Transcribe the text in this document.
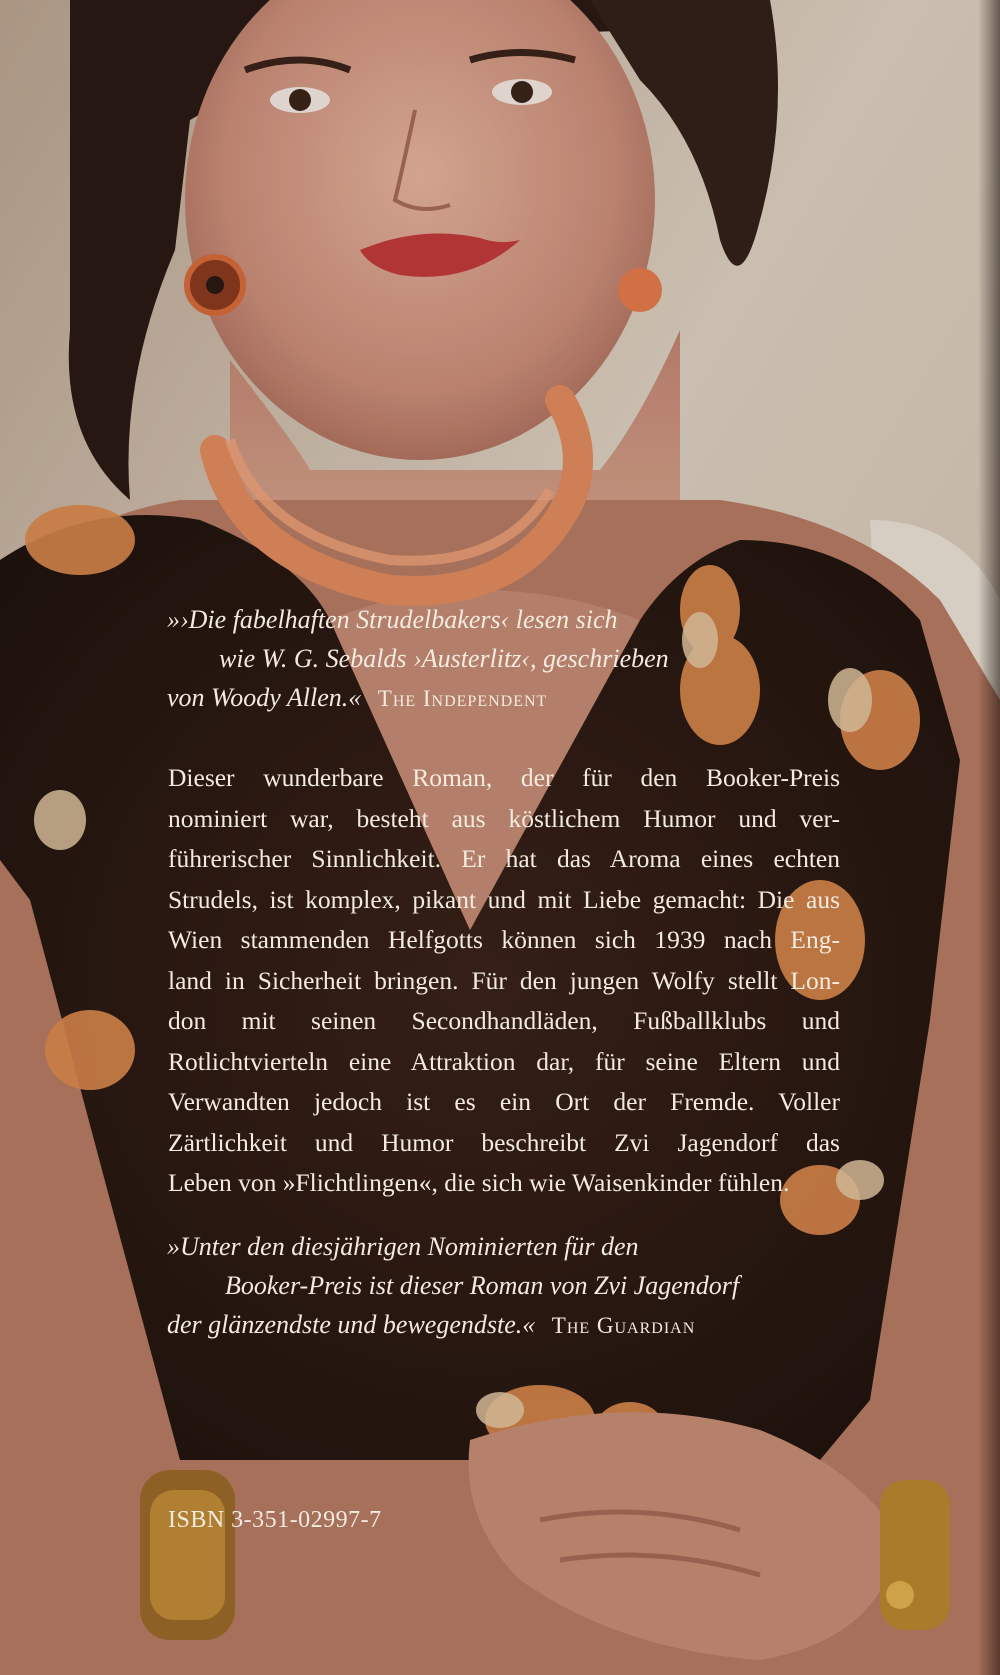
»›Die fabelhaften Strudelbakers‹ lesen sich
wie W. G. Sebalds ›Austerlitz‹, geschrieben
von Woody Allen.« The Independent
Dieser wunderbare Roman, der für den Booker-Preis
nominiert war, besteht aus köstlichem Humor und ver-
führerischer Sinnlichkeit. Er hat das Aroma eines echten
Strudels, ist komplex, pikant und mit Liebe gemacht: Die aus
Wien stammenden Helfgotts können sich 1939 nach Eng-
land in Sicherheit bringen. Für den jungen Wolfy stellt Lon-
don mit seinen Secondhandläden, Fußballklubs und
Rotlichtvierteln eine Attraktion dar, für seine Eltern und
Verwandten jedoch ist es ein Ort der Fremde. Voller
Zärtlichkeit und Humor beschreibt Zvi Jagendorf das
Leben von »Flichtlingen«, die sich wie Waisenkinder fühlen.
»Unter den diesjährigen Nominierten für den
Booker-Preis ist dieser Roman von Zvi Jagendorf
der glänzendste und bewegendste.« The Guardian
ISBN 3-351-02997-7
